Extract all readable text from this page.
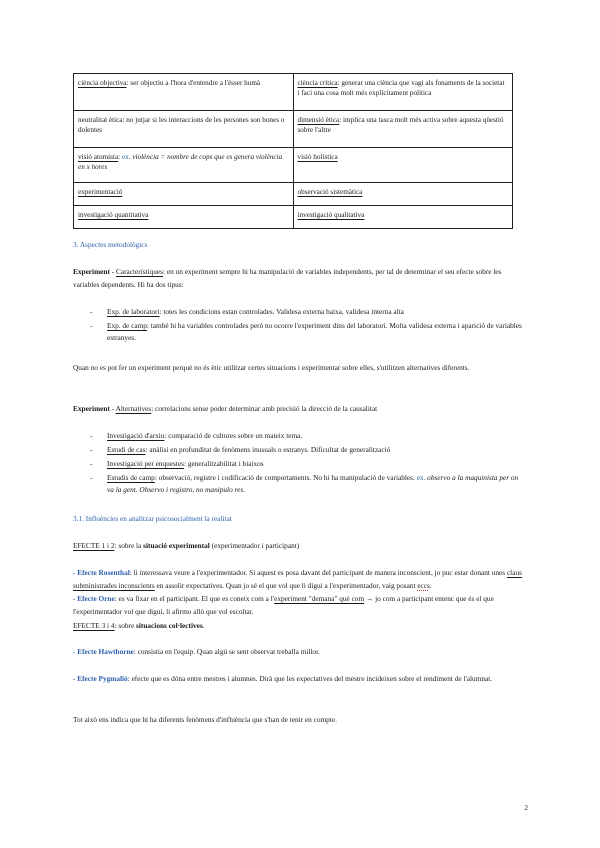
ciència objectiva: ser objectiu a l'hora d'entendre a l'ésser humà	ciència crítica: generar una ciència que vagi als fonaments de la societat i faci una cosa molt més explícitament política
neutralitat ètica: no jutjar si les interaccions de les persones son bones o dolentes	dimensió ètica: implica una tasca molt més activa sobre aquesta qüestió sobre l'altre
visió atomista: ex. violència = nombre de cops que es genera violència en x hores	visió holística
experimentació	observació sistemàtica
investigació quantitativa	investigació qualitativa
3. Aspectes metodològics
Experiment - Característiques: en un experiment sempre hi ha manipulació de variables independents, per tal de determinar el seu efecte sobre les variables dependents. Hi ha dos tipus:
- Exp. de laboratori: totes les condicions estan controlades. Validesa externa baixa, validesa interna alta
- Exp. de camp: també hi ha variables controlades però no ocorre l'experiment dins del laboratori. Molta validesa externa i aparició de variables estranyes.
Quan no es pot fer un experiment perquè no és ètic utilitzar certes situacions i experimentar sobre elles, s'utilitzen alternatives diferents.
Experiment - Alternatives: correlacions sense poder determinar amb precisió la direcció de la causalitat
- Investigació d'arxiu: comparació de cultures sobre un mateix tema.
- Estudi de cas: anàlisi en profunditat de fenòmens inusuals o estranys. Dificultat de generalització
- Investigació per enquestes: generalitzabilitat i biaixos
- Estudis de camp: observació, registre i codificació de comportaments. No hi ha manipulació de variables. ex. observo a la maquinista per on va la gent. Observo i registro, no manipulo res.
3.1. Influències en analitzar psicosocialment la realitat
EFECTE 1 i 2: sobre la situació experimental (experimentador i participant)
- Efecte Rosenthal: li interessava veure a l'experimentador. Si aquest es posa davant del participant de manera inconscient, jo puc estar donant unes claus subministrades inconscients en assolir expectatives. Quan jo sé el que vol que li digui a l'experimentador, vaig posant eccs.
- Efecte Orne: es va fixar en el participant. El que es coneix com a l'experiment "demana" què com → jo com a participant entenc que és el que l'experimentador vol que digui, li afirmo allò que vol escoltar.
EFECTE 3 i 4: sobre situacions col·lectives.
- Efecte Hawthorne: consistia en l'equip. Quan algú se sent observat treballa millor.
- Efecte Pygmalió: efecte que es dóna entre mestres i alumnes. Dirà que les expectatives del mestre incideixen sobre el rendiment de l'alumnat.
Tot això ens indica que hi ha diferents fenòmens d'influència que s'han de tenir en compte.
2
